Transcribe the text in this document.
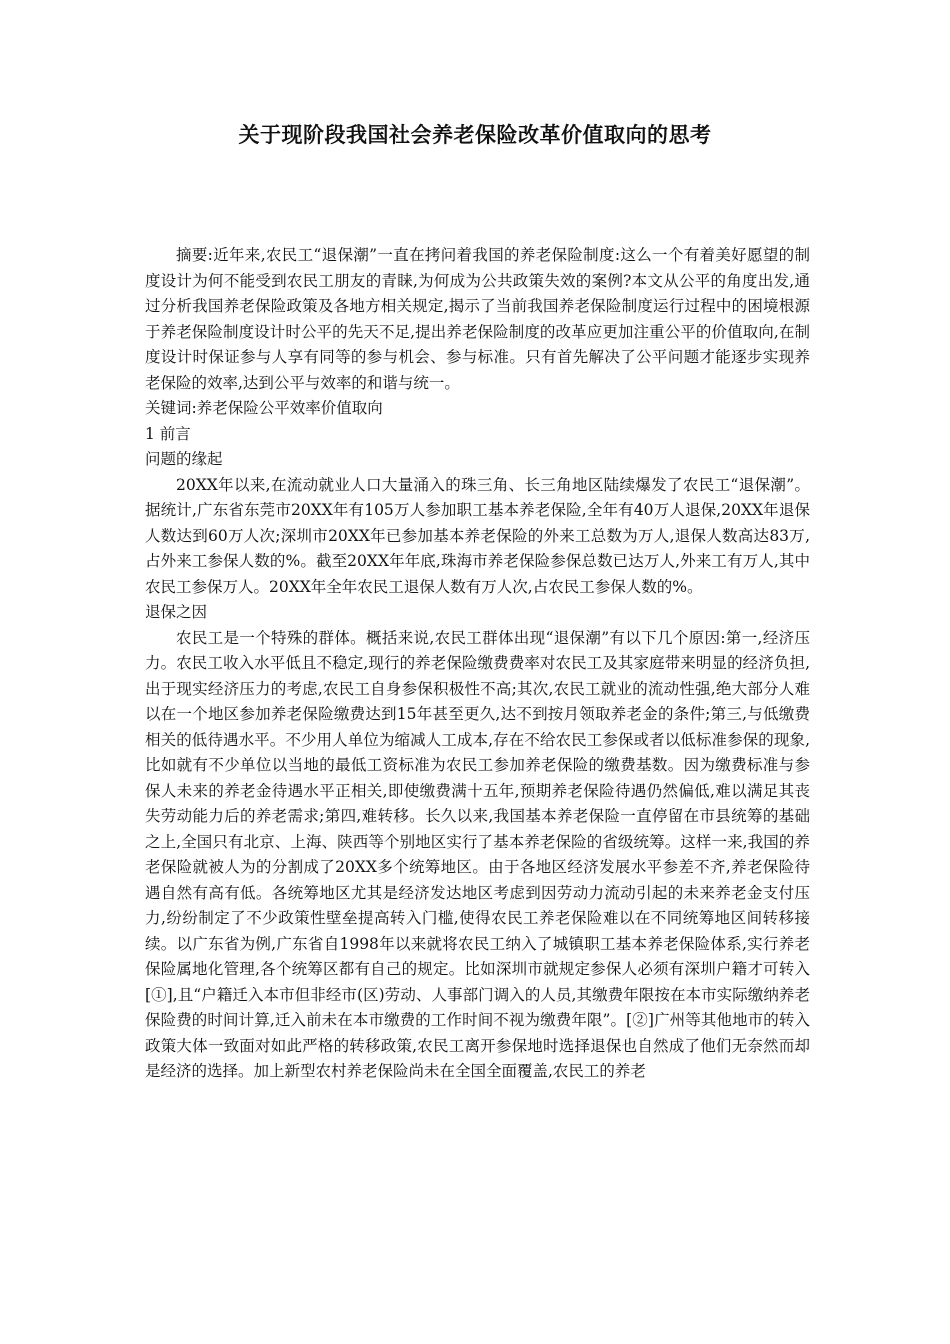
关于现阶段我国社会养老保险改革价值取向的思考

摘要:近年来,农民工“退保潮”一直在拷问着我国的养老保险制度:这么一个有着美好愿望的制度设计为何不能受到农民工朋友的青睐,为何成为公共政策失效的案例?本文从公平的角度出发,通过分析我国养老保险政策及各地方相关规定,揭示了当前我国养老保险制度运行过程中的困境根源于养老保险制度设计时公平的先天不足,提出养老保险制度的改革应更加注重公平的价值取向,在制度设计时保证参与人享有同等的参与机会、参与标准。只有首先解决了公平问题才能逐步实现养老保险的效率,达到公平与效率的和谐与统一。

关键词:养老保险公平效率价值取向

1 前言

问题的缘起

20XX年以来,在流动就业人口大量涌入的珠三角、长三角地区陆续爆发了农民工“退保潮”。据统计,广东省东莞市20XX年有105万人参加职工基本养老保险,全年有40万人退保,20XX年退保人数达到60万人次;深圳市20XX年已参加基本养老保险的外来工总数为万人,退保人数高达83万,占外来工参保人数的%。截至20XX年年底,珠海市养老保险参保总数已达万人,外来工有万人,其中农民工参保万人。20XX年全年农民工退保人数有万人次,占农民工参保人数的%。

退保之因

农民工是一个特殊的群体。概括来说,农民工群体出现“退保潮”有以下几个原因:第一,经济压力。农民工收入水平低且不稳定,现行的养老保险缴费费率对农民工及其家庭带来明显的经济负担,出于现实经济压力的考虑,农民工自身参保积极性不高;其次,农民工就业的流动性强,绝大部分人难以在一个地区参加养老保险缴费达到15年甚至更久,达不到按月领取养老金的条件;第三,与低缴费相关的低待遇水平。不少用人单位为缩减人工成本,存在不给农民工参保或者以低标准参保的现象,比如就有不少单位以当地的最低工资标准为农民工参加养老保险的缴费基数。因为缴费标准与参保人未来的养老金待遇水平正相关,即使缴费满十五年,预期养老保险待遇仍然偏低,难以满足其丧失劳动能力后的养老需求;第四,难转移。长久以来,我国基本养老保险一直停留在市县统筹的基础之上,全国只有北京、上海、陕西等个别地区实行了基本养老保险的省级统筹。这样一来,我国的养老保险就被人为的分割成了20XX多个统筹地区。由于各地区经济发展水平参差不齐,养老保险待遇自然有高有低。各统筹地区尤其是经济发达地区考虑到因劳动力流动引起的未来养老金支付压力,纷纷制定了不少政策性壁垒提高转入门槛,使得农民工养老保险难以在不同统筹地区间转移接续。以广东省为例,广东省自1998年以来就将农民工纳入了城镇职工基本养老保险体系,实行养老保险属地化管理,各个统筹区都有自己的规定。比如深圳市就规定参保人必须有深圳户籍才可转入[①],且“户籍迁入本市但非经市(区)劳动、人事部门调入的人员,其缴费年限按在本市实际缴纳养老保险费的时间计算,迁入前未在本市缴费的工作时间不视为缴费年限”。[②]广州等其他地市的转入政策大体一致面对如此严格的转移政策,农民工离开参保地时选择退保也自然成了他们无奈然而却是经济的选择。加上新型农村养老保险尚未在全国全面覆盖,农民工的养老
